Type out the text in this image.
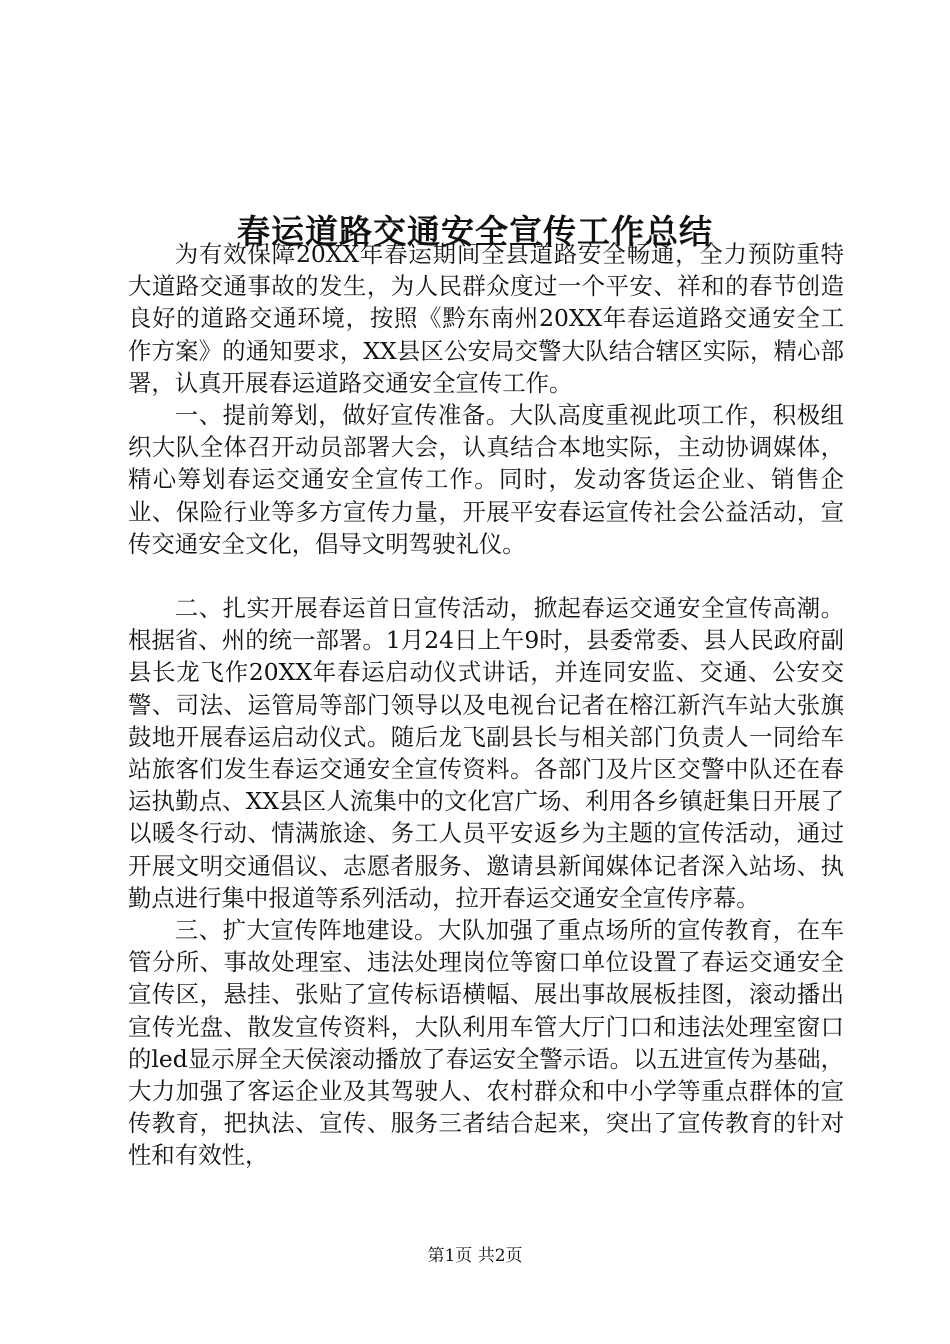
春运道路交通安全宣传工作总结

为有效保障20XX年春运期间全县道路安全畅通，全力预防重特大道路交通事故的发生，为人民群众度过一个平安、祥和的春节创造良好的道路交通环境，按照《黔东南州20XX年春运道路交通安全工作方案》的通知要求，XX县区公安局交警大队结合辖区实际，精心部署，认真开展春运道路交通安全宣传工作。

一、提前筹划，做好宣传准备。大队高度重视此项工作，积极组织大队全体召开动员部署大会，认真结合本地实际，主动协调媒体，精心筹划春运交通安全宣传工作。同时，发动客货运企业、销售企业、保险行业等多方宣传力量，开展平安春运宣传社会公益活动，宣传交通安全文化，倡导文明驾驶礼仪。

二、扎实开展春运首日宣传活动，掀起春运交通安全宣传高潮。根据省、州的统一部署。1月24日上午9时，县委常委、县人民政府副县长龙飞作20XX年春运启动仪式讲话，并连同安监、交通、公安交警、司法、运管局等部门领导以及电视台记者在榕江新汽车站大张旗鼓地开展春运启动仪式。随后龙飞副县长与相关部门负责人一同给车站旅客们发生春运交通安全宣传资料。各部门及片区交警中队还在春运执勤点、XX县区人流集中的文化宫广场、利用各乡镇赶集日开展了以暖冬行动、情满旅途、务工人员平安返乡为主题的宣传活动，通过开展文明交通倡议、志愿者服务、邀请县新闻媒体记者深入站场、执勤点进行集中报道等系列活动，拉开春运交通安全宣传序幕。

三、扩大宣传阵地建设。大队加强了重点场所的宣传教育，在车管分所、事故处理室、违法处理岗位等窗口单位设置了春运交通安全宣传区，悬挂、张贴了宣传标语横幅、展出事故展板挂图，滚动播出宣传光盘、散发宣传资料，大队利用车管大厅门口和违法处理室窗口的led显示屏全天侯滚动播放了春运安全警示语。以五进宣传为基础，大力加强了客运企业及其驾驶人、农村群众和中小学等重点群体的宣传教育，把执法、宣传、服务三者结合起来，突出了宣传教育的针对性和有效性，

第1页 共2页
